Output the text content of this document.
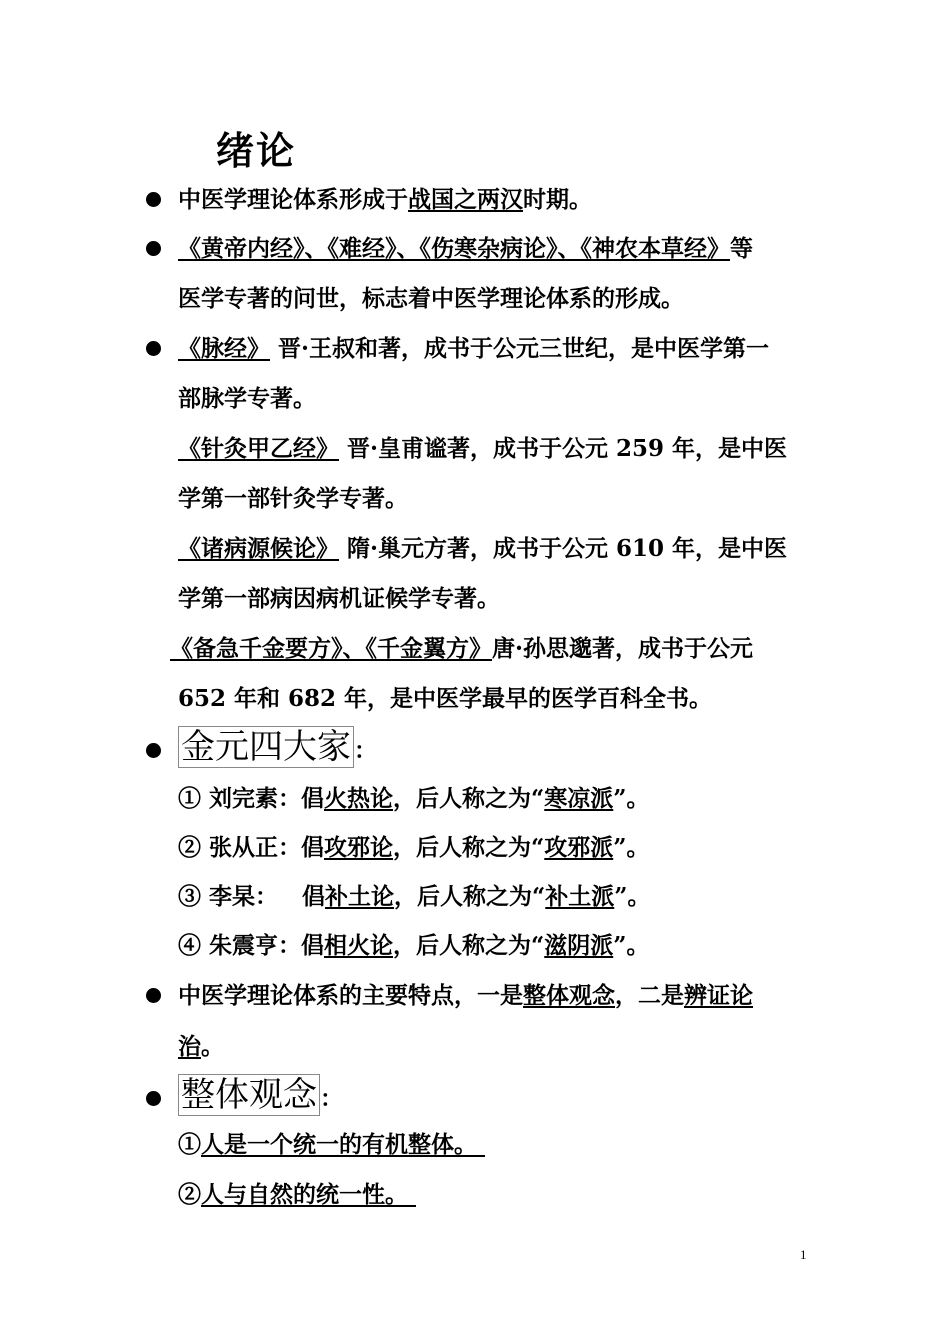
绪论
中医学理论体系形成于战国之两汉时期。
《黄帝内经》、《难经》、《伤寒杂病论》、《神农本草经》等
医学专著的问世，标志着中医学理论体系的形成。
《脉经》 晋·王叔和著，成书于公元三世纪，是中医学第一
部脉学专著。
《针灸甲乙经》 晋·皇甫谧著，成书于公元 259 年，是中医
学第一部针灸学专著。
《诸病源候论》 隋·巢元方著，成书于公元 610 年，是中医
学第一部病因病机证候学专著。
《备急千金要方》、《千金翼方》唐·孙思邈著，成书于公元
652 年和 682 年，是中医学最早的医学百科全书。
金元四大家 ：
① 刘完素：倡火热论，后人称之为“寒凉派”。
② 张从正：倡攻邪论，后人称之为“攻邪派”。
③ 李杲：   倡补土论，后人称之为“补土派”。
④ 朱震亨：倡相火论，后人称之为“滋阴派”。
中医学理论体系的主要特点，一是整体观念，二是辨证论
治。
整体观念 ：
①人是一个统一的有机整体。
②人与自然的统一性。
1
